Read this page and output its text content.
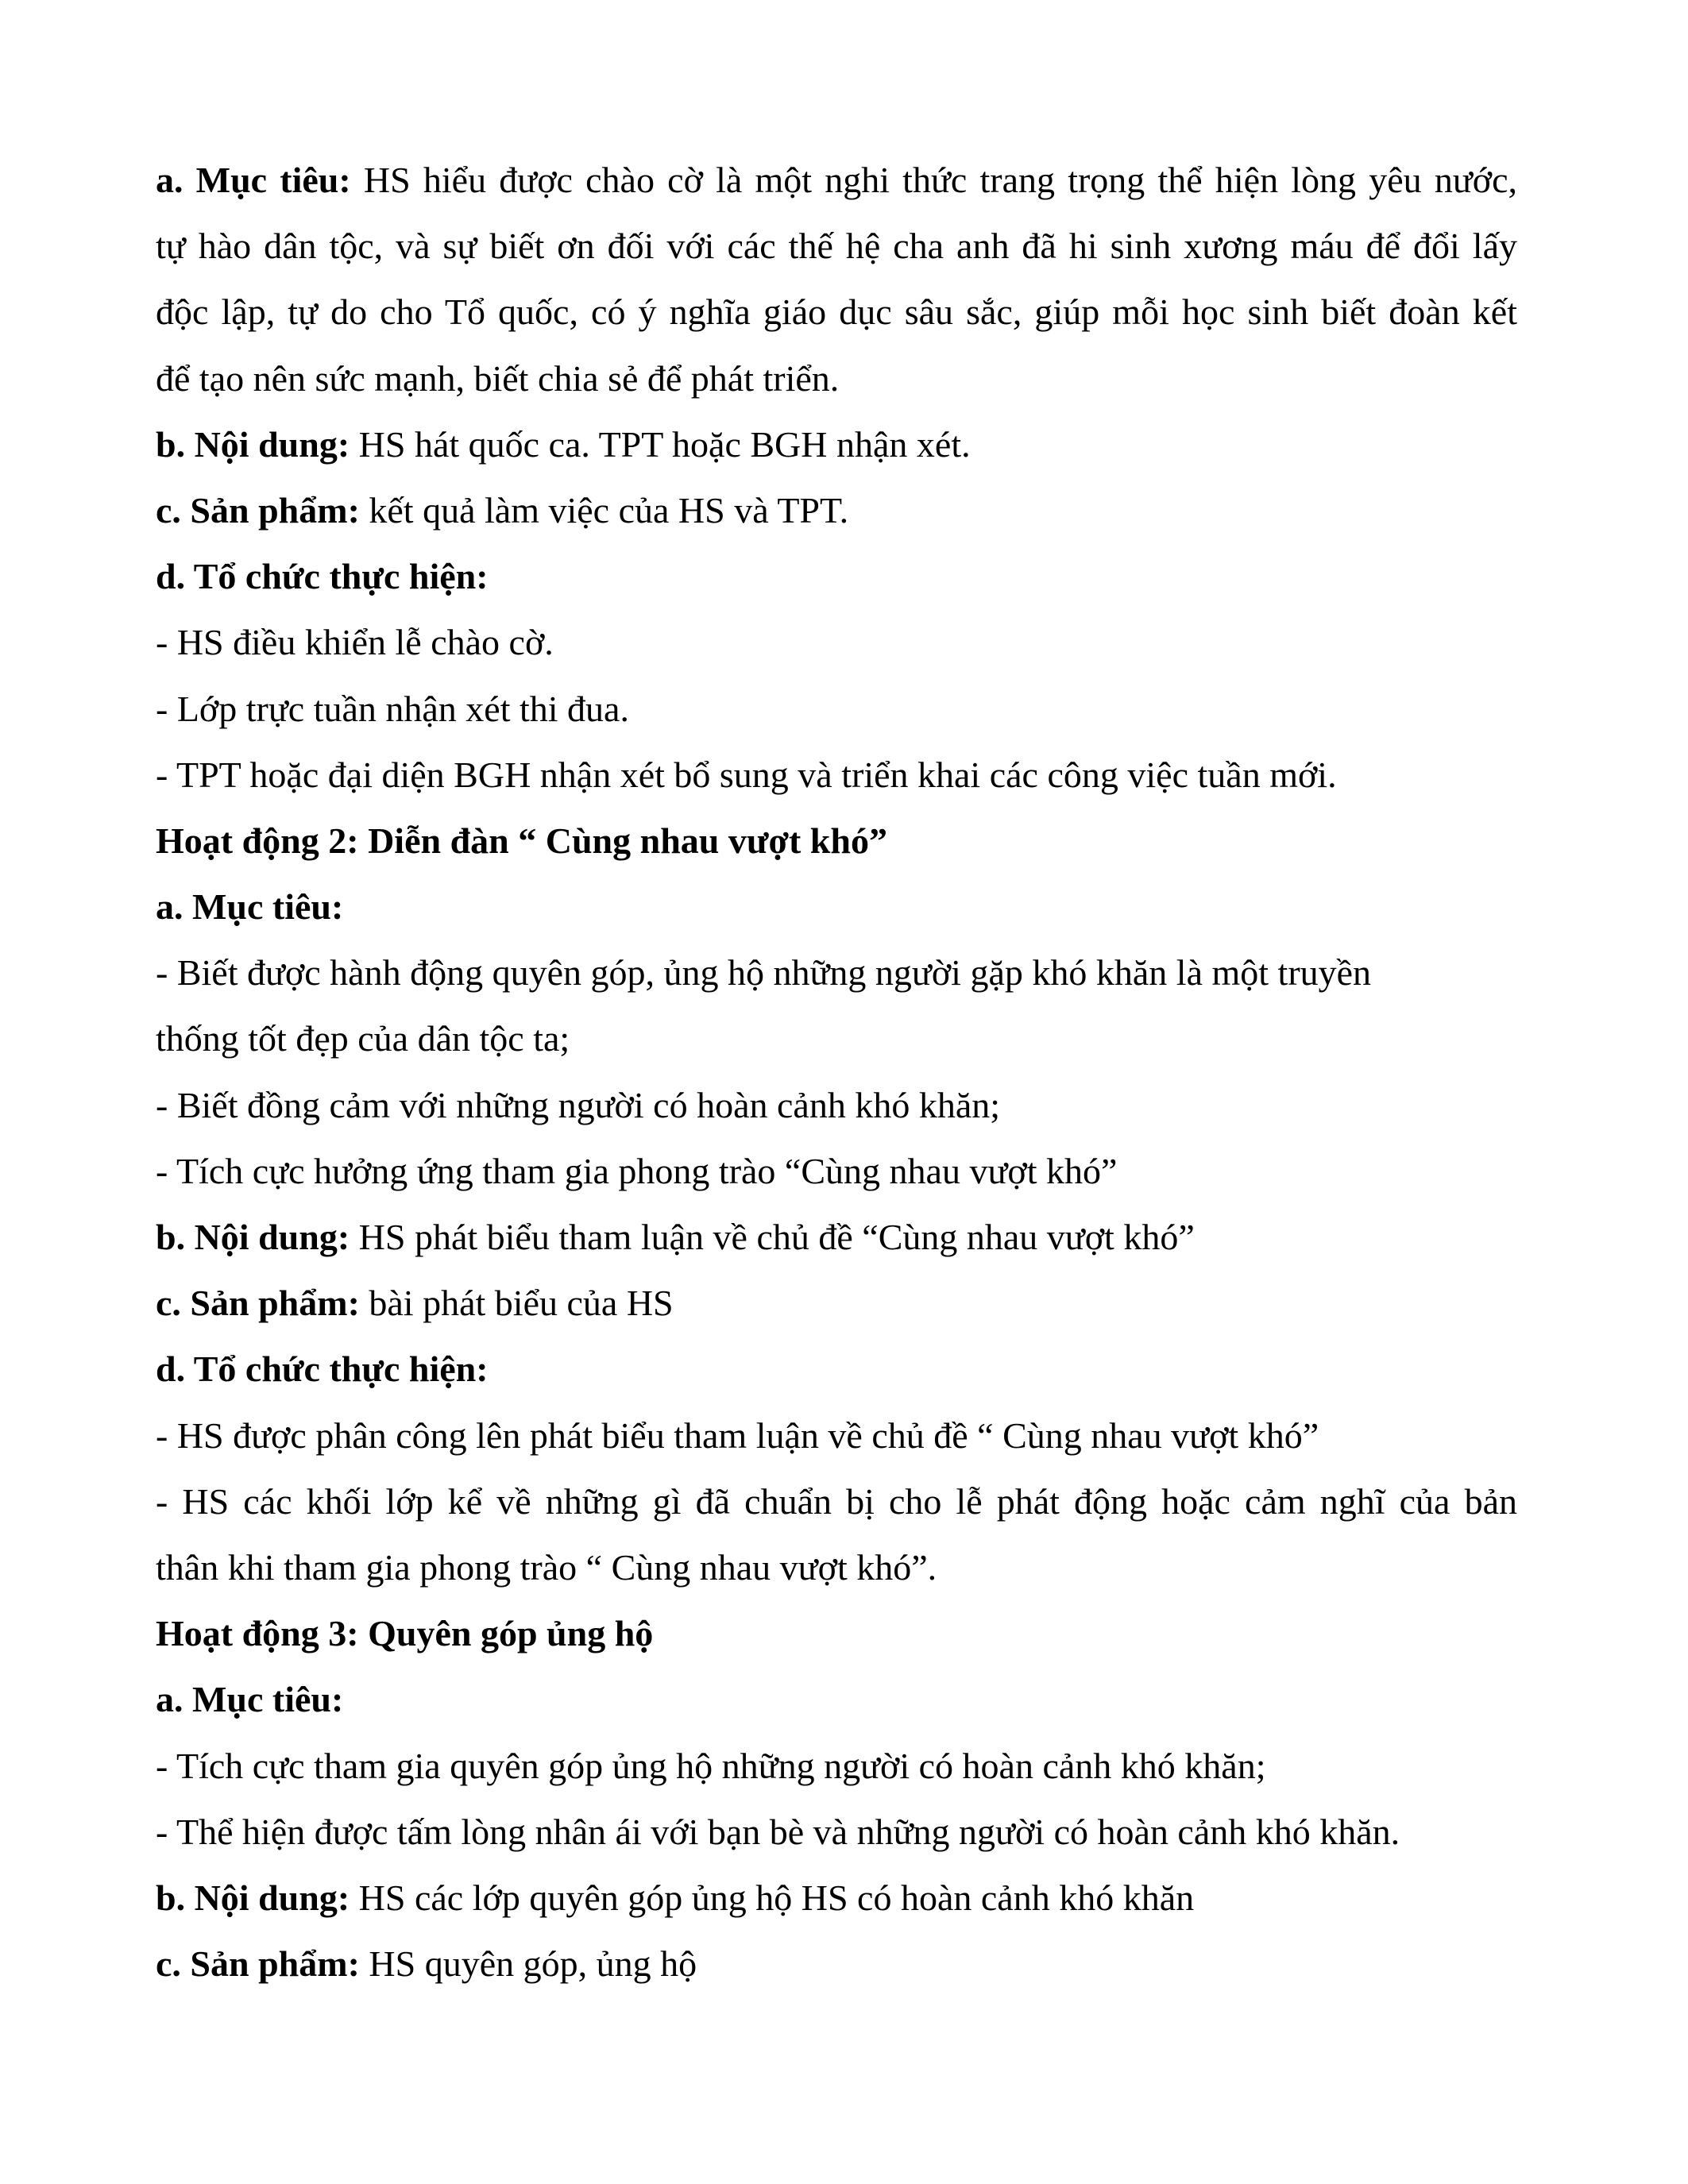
a. Mục tiêu: HS hiểu được chào cờ là một nghi thức trang trọng thể hiện lòng yêu nước,
tự hào dân tộc, và sự biết ơn đối với các thế hệ cha anh đã hi sinh xương máu để đổi lấy
độc lập, tự do cho Tổ quốc, có ý nghĩa giáo dục sâu sắc, giúp mỗi học sinh biết đoàn kết
để tạo nên sức mạnh, biết chia sẻ để phát triển.
b. Nội dung: HS hát quốc ca. TPT hoặc BGH nhận xét.
c. Sản phẩm: kết quả làm việc của HS và TPT.
d. Tổ chức thực hiện:
- HS điều khiển lễ chào cờ.
- Lớp trực tuần nhận xét thi đua.
- TPT hoặc đại diện BGH nhận xét bổ sung và triển khai các công việc tuần mới.
Hoạt động 2: Diễn đàn “ Cùng nhau vượt khó”
a. Mục tiêu:
- Biết được hành động quyên góp, ủng hộ những người gặp khó khăn là một truyền
thống tốt đẹp của dân tộc ta;
- Biết đồng cảm với những người có hoàn cảnh khó khăn;
- Tích cực hưởng ứng tham gia phong trào “Cùng nhau vượt khó”
b. Nội dung: HS phát biểu tham luận về chủ đề “Cùng nhau vượt khó”
c. Sản phẩm: bài phát biểu của HS
d. Tổ chức thực hiện:
- HS được phân công lên phát biểu tham luận về chủ đề “ Cùng nhau vượt khó”
- HS các khối lớp kể về những gì đã chuẩn bị cho lễ phát động hoặc cảm nghĩ của bản
thân khi tham gia phong trào “ Cùng nhau vượt khó”.
Hoạt động 3: Quyên góp ủng hộ
a. Mục tiêu:
- Tích cực tham gia quyên góp ủng hộ những người có hoàn cảnh khó khăn;
- Thể hiện được tấm lòng nhân ái với bạn bè và những người có hoàn cảnh khó khăn.
b. Nội dung: HS các lớp quyên góp ủng hộ HS có hoàn cảnh khó khăn
c. Sản phẩm: HS quyên góp, ủng hộ
